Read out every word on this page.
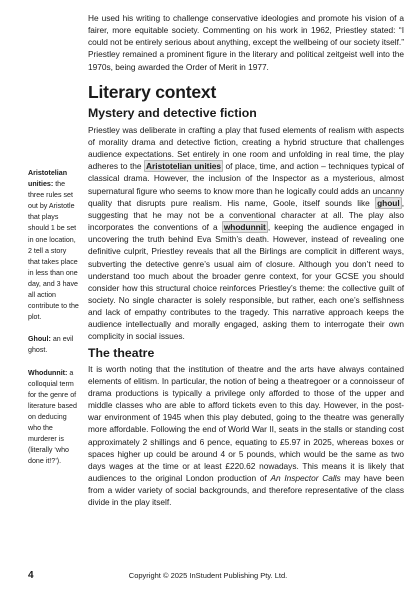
He used his writing to challenge conservative ideologies and promote his vision of a fairer, more equitable society. Commenting on his work in 1962, Priestley stated: “I could not be entirely serious about anything, except the wellbeing of our society itself.” Priestley remained a prominent figure in the literary and political zeitgeist well into the 1970s, being awarded the Order of Merit in 1977.

Literary context
Mystery and detective fiction

Priestley was deliberate in crafting a play that fused elements of realism with aspects of morality drama and detective fiction, creating a hybrid structure that challenges audience expectations. Set entirely in one room and unfolding in real time, the play adheres to the Aristotelian unities of place, time, and action – techniques typical of classical drama. However, the inclusion of the Inspector as a mysterious, almost supernatural figure who seems to know more than he logically could adds an uncanny quality that disrupts pure realism. His name, Goole, itself sounds like ghoul , suggesting that he may not be a conventional character at all. The play also incorporates the conventions of a whodunnit , keeping the audience engaged in uncovering the truth behind Eva Smith’s death. However, instead of revealing one definitive culprit, Priestley reveals that all the Birlings are complicit in different ways, subverting the detective genre’s usual aim of closure. Although you don’t need to understand too much about the broader genre context, for your GCSE you should consider how this structural choice reinforces Priestley’s theme: the collective guilt of society. No single character is solely responsible, but rather, each one’s selfishness and lack of empathy contributes to the tragedy. This narrative approach keeps the audience intellectually and morally engaged, asking them to interrogate their own complicity in social issues.

The theatre

It is worth noting that the institution of theatre and the arts have always contained elements of elitism. In particular, the notion of being a theatregoer or a connoisseur of drama productions is typically a privilege only afforded to those of the upper and middle classes who are able to afford tickets even to this day. However, in the post-war environment of 1945 when this play debuted, going to the theatre was generally more affordable. Following the end of World War II, seats in the stalls or standing cost approximately 2 shillings and 6 pence, equating to £5.97 in 2025, whereas boxes or spaces higher up could be around 4 or 5 pounds, which would be the same as two days wages at the time or at least £220.62 nowadays. This means it is likely that audiences to the original London production of An Inspector Calls may have been from a wider variety of social backgrounds, and therefore representative of the class divide in the play itself.

Aristotelian unities: the three rules set out by Aristotle that plays should 1 be set in one location, 2 tell a story that takes place in less than one day, and 3 have all action contribute to the plot.
Ghoul: an evil ghost.
Whodunnit: a colloquial term for the genre of literature based on deducing who the murderer is (literally ‘who done it!?’).
4	Copyright © 2025 InStudent Publishing Pty. Ltd.
